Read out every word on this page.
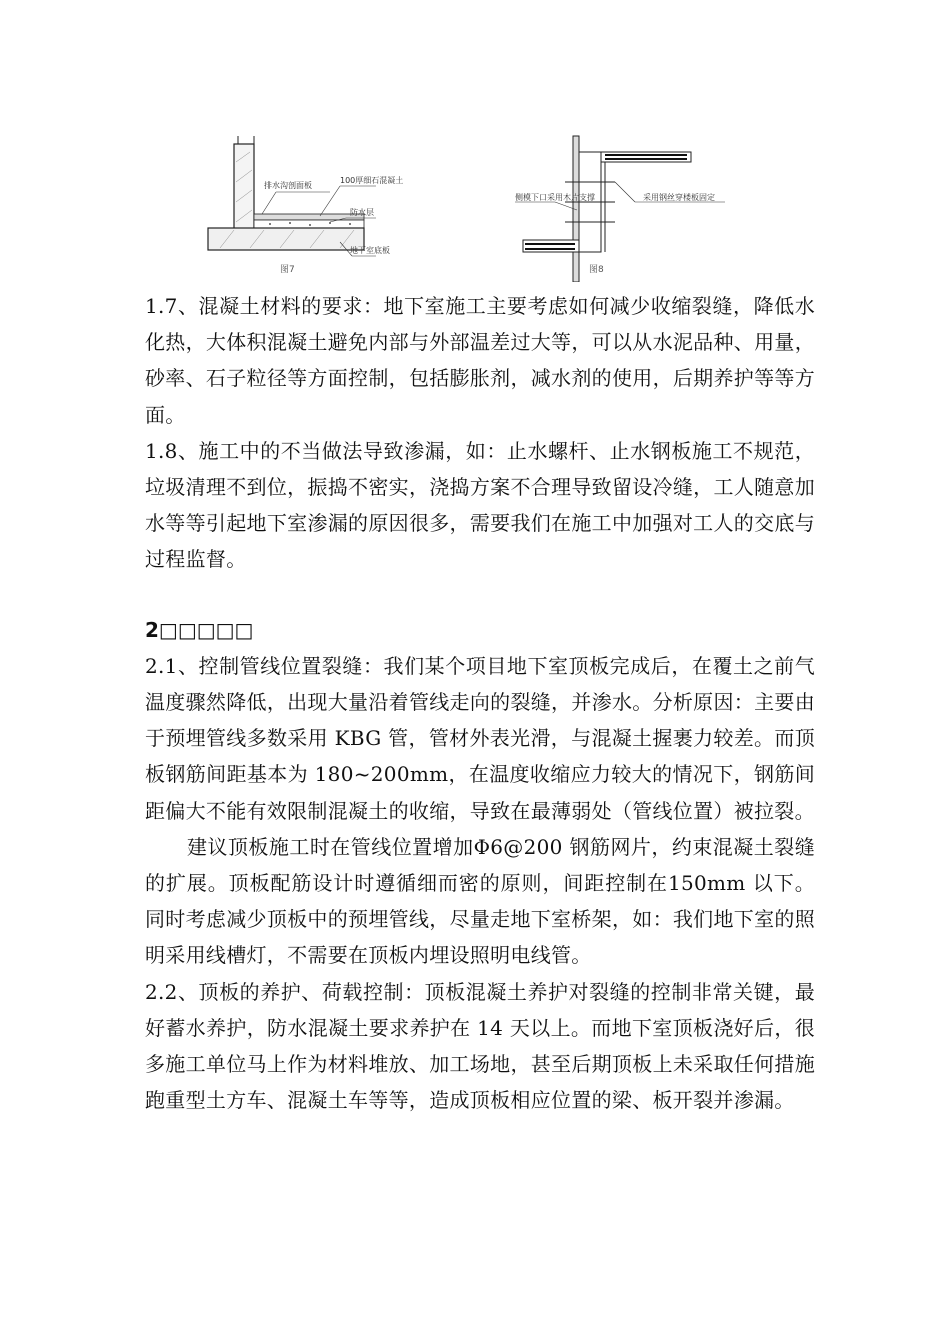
排水沟剖面板
100厚细石混凝土
防水层
地下室底板
图7
侧模下口采用木片支撑	采用钢丝穿楼板固定
图8

1.7、混凝土材料的要求：地下室施工主要考虑如何减少收缩裂缝，降低水化热，大体积混凝土避免内部与外部温差过大等，可以从水泥品种、用量，砂率、石子粒径等方面控制，包括膨胀剂，减水剂的使用，后期养护等等方面。

1.8、施工中的不当做法导致渗漏，如：止水螺杆、止水钢板施工不规范，垃圾清理不到位，振捣不密实，浇捣方案不合理导致留设冷缝，工人随意加水等等引起地下室渗漏的原因很多，需要我们在施工中加强对工人的交底与过程监督。

2□□□□□

2.1、控制管线位置裂缝：我们某个项目地下室顶板完成后，在覆土之前气温度骤然降低，出现大量沿着管线走向的裂缝，并渗水。分析原因：主要由于预埋管线多数采用 KBG 管，管材外表光滑，与混凝土握裹力较差。而顶板钢筋间距基本为 180~200mm，在温度收缩应力较大的情况下，钢筋间距偏大不能有效限制混凝土的收缩，导致在最薄弱处（管线位置）被拉裂。

建议顶板施工时在管线位置增加Φ6@200 钢筋网片，约束混凝土裂缝的扩展。顶板配筋设计时遵循细而密的原则，间距控制在150mm 以下。同时考虑减少顶板中的预埋管线，尽量走地下室桥架，如：我们地下室的照明采用线槽灯，不需要在顶板内埋设照明电线管。

2.2、顶板的养护、荷载控制：顶板混凝土养护对裂缝的控制非常关键，最好蓄水养护，防水混凝土要求养护在 14 天以上。而地下室顶板浇好后，很多施工单位马上作为材料堆放、加工场地，甚至后期顶板上未采取任何措施跑重型土方车、混凝土车等等，造成顶板相应位置的梁、板开裂并渗漏。
